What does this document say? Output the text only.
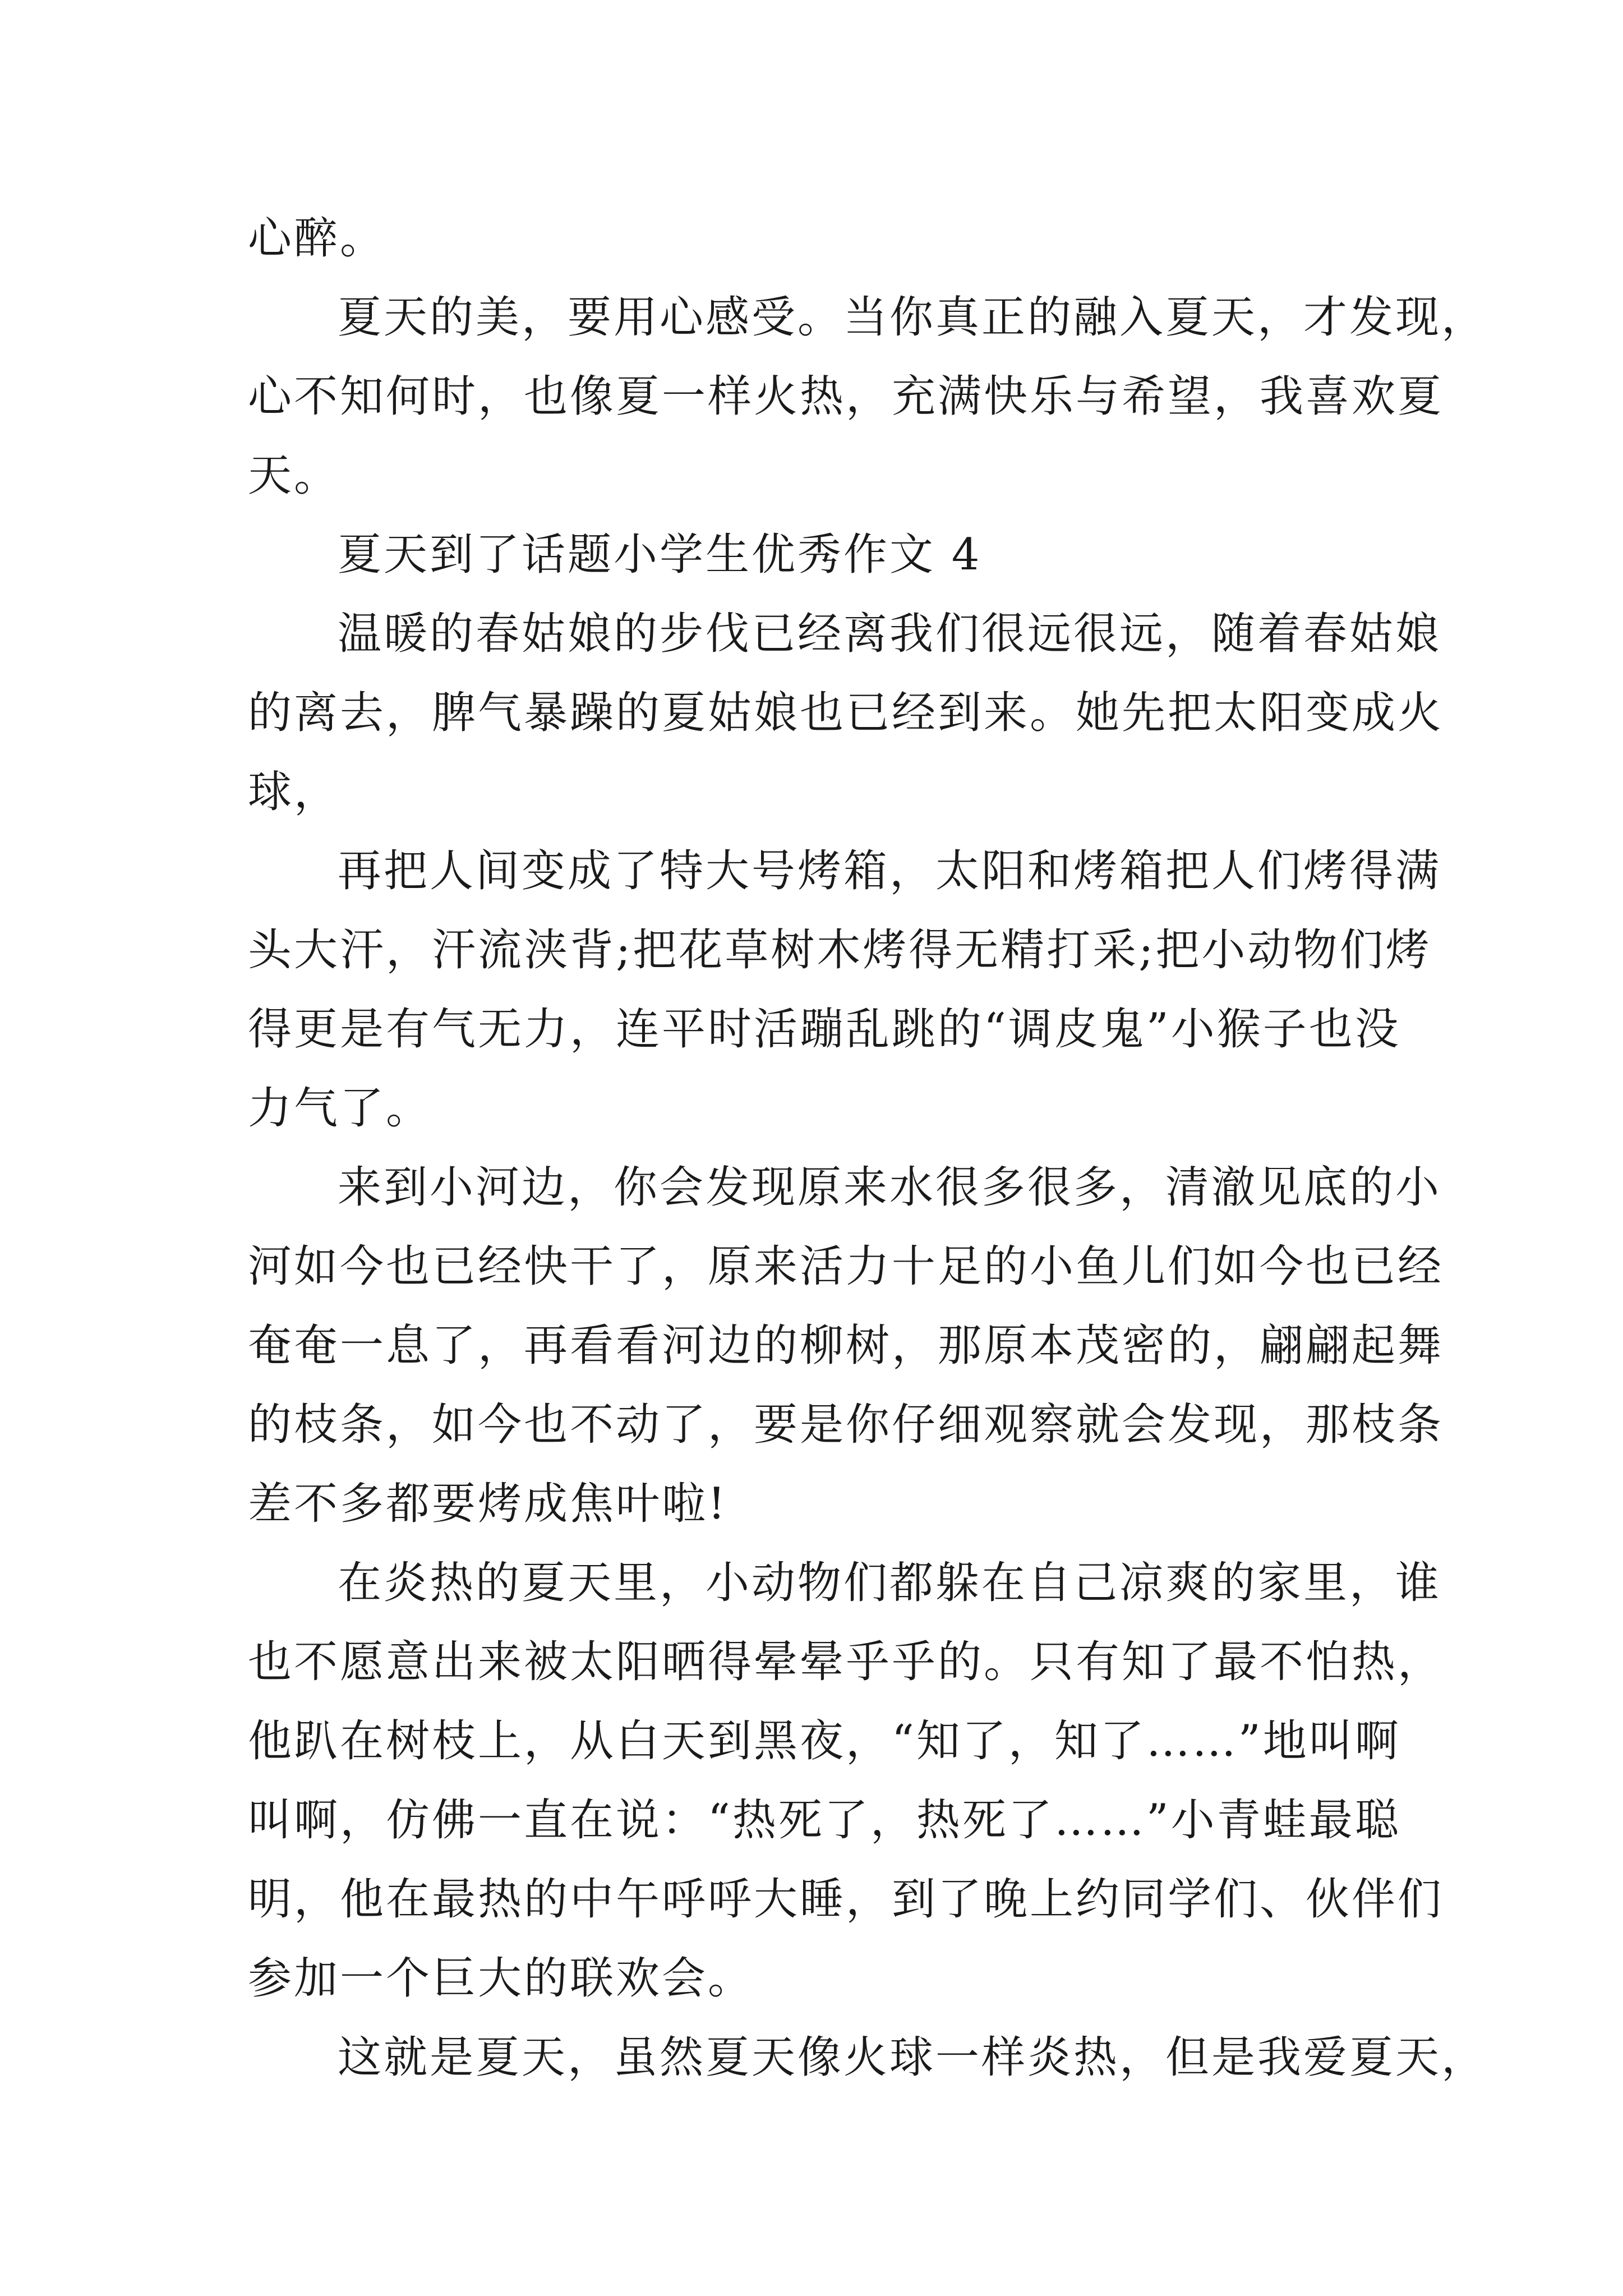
心醉。

夏天的美，要用心感受。当你真正的融入夏天，才发现，
心不知何时，也像夏一样火热，充满快乐与希望，我喜欢夏
天。

夏天到了话题小学生优秀作文 4

温暖的春姑娘的步伐已经离我们很远很远，随着春姑娘
的离去，脾气暴躁的夏姑娘也已经到来。她先把太阳变成火
球，

再把人间变成了特大号烤箱，太阳和烤箱把人们烤得满
头大汗，汗流浃背;把花草树木烤得无精打采;把小动物们烤
得更是有气无力，连平时活蹦乱跳的“调皮鬼”小猴子也没
力气了。

来到小河边，你会发现原来水很多很多，清澈见底的小
河如今也已经快干了，原来活力十足的小鱼儿们如今也已经
奄奄一息了，再看看河边的柳树，那原本茂密的，翩翩起舞
的枝条，如今也不动了，要是你仔细观察就会发现，那枝条
差不多都要烤成焦叶啦!

在炎热的夏天里，小动物们都躲在自己凉爽的家里，谁
也不愿意出来被太阳晒得晕晕乎乎的。只有知了最不怕热，
他趴在树枝上，从白天到黑夜，“知了，知了……”地叫啊
叫啊，仿佛一直在说：“热死了，热死了……”小青蛙最聪
明，他在最热的中午呼呼大睡，到了晚上约同学们、伙伴们
参加一个巨大的联欢会。

这就是夏天，虽然夏天像火球一样炎热，但是我爱夏天，
